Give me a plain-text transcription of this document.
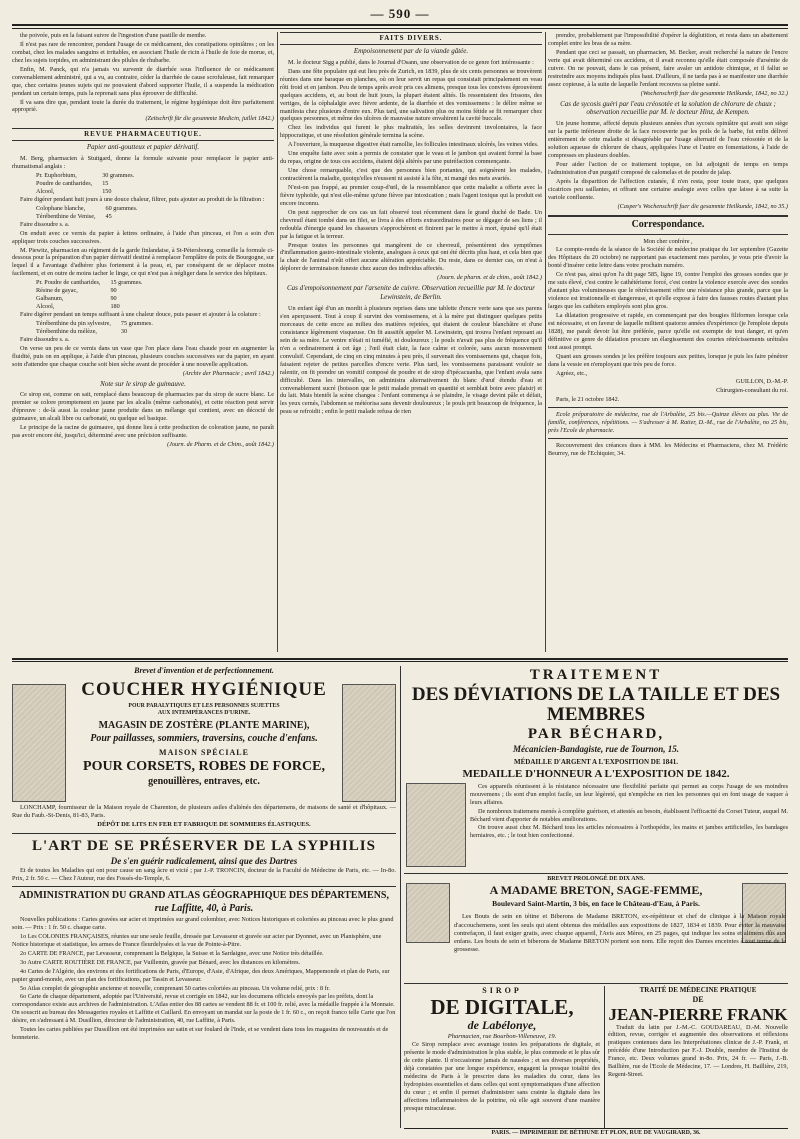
— 590 —

the poivrée, puis en la faisant suivre de l'ingestion d'une pastille de menthe.

Il n'est pas rare de rencontrer, pendant l'usage de ce médicament, des constipations opiniâtres ; on les combat, chez les malades sanguins et irritables, en associant l'huile de ricin à l'huile de foie de morue, et, chez les sujets torpides, en administrant des pilules de rhubarbe.

Enfin, M. Panck, qui n'a jamais vu survenir de diarrhée sous l'influence de ce médicament convenablement administré, qui a vu, au contraire, céder la diarrhée de cause scrofuleuse, fait remarquer que, chez certains jeunes sujets qui ne pouvaient d'abord supporter l'huile, il a suspendu la médication pendant un certain temps, puis la reprenait sans plus éprouver de difficulté.

Il va sans dire que, pendant toute la durée du traitement, le régime hygiénique doit être parfaitement approprié.

(Zeitschrift für die gesammte Medicin, juillet 1842.)

REVUE PHARMACEUTIQUE.
Papier anti-goutteux et papier dérivatif.

M. Berg, pharmacien à Stuttgard, donne la formule suivante pour remplacer le papier anti-rhumatismal anglais :

Pr. Euphorbium,	30 grammes.
Poudre de cantharides,	15
Alcool,	150

Faire digérer pendant huit jours à une douce chaleur, filtrer, puis ajouter au produit de la filtration :

Colophane blanche,	60 grammes.
Térébenthine de Venise,	45

Faire dissoudre s. a.

On enduit avec ce vernis du papier à lettres ordinaire, à l'aide d'un pinceau, et l'on a soin d'en appliquer trois couches successives.

M. Piewitz, pharmacien au régiment de la garde finlandaise, à St-Pétersbourg, conseille la formule ci-dessous pour la préparation d'un papier dérivatif destiné à remplacer l'emplâtre de poix de Bourgogne, sur lequel il a l'avantage d'adhérer plus fortement à la peau, et, par conséquent de se déplacer moins facilement, et en outre de moins tacher le linge, ce qui n'est pas à négliger dans le service des hôpitaux.

Pr. Poudre de cantharides,	15 grammes.
Résine de gayac,	90
Galbanum,	90
Alcool,	180

Faire digérer pendant un temps suffisant à une chaleur douce, puis passer et ajouter à la colature :

Térébenthine du pin sylvestre,	75 grammes.
Térébenthine du mélèze,	30

Faire dissoudre s. a.

On verse un peu de ce vernis dans un vase que l'on place dans l'eau chaude pour en augmenter la fluidité, puis on en applique, à l'aide d'un pinceau, plusieurs couches successives sur du papier, en ayant soin d'attendre que chaque couche soit bien sèche avant de procéder à une nouvelle application.

(Archiv der Pharmacie ; avril 1842.)

Note sur le sirop de guimauve.

Ce sirop est, comme on sait, remplacé dans beaucoup de pharmacies par du sirop de sucre blanc. Le premier se colore promptement en jaune par les alcalis (même carbonatés), et cette réaction peut servir d'épreuve : de-là aussi la couleur jaune produite dans un mélange qui contient, avec un décocté de guimauve, un alcali libre ou carbonaté, ou quelque sel basique.

Le principe de la racine de guimauve, qui donne lieu à cette production de coloration jaune, ne paraît pas avoir encore été, jusqu'ici, déterminé avec une précision suffisante.

(Journ. de Pharm. et de Chim., août 1842.)

FAITS DIVERS.
Empoisonnement par de la viande gâtée.

M. le docteur Sigg a publié, dans le Journal d'Osann, une observation de ce genre fort intéressante :

Dans une fête populaire qui eut lieu près de Zurich, en 1839, plus de six cents personnes se trouvèrent réunies dans une baraque en planches, où on leur servit un repas qui consistait principalement en veau rôti froid et en jambon. Peu de temps après avoir pris ces alimens, presque tous les convives éprouvèrent quelques accidens, et, au bout de huit jours, la plupart étaient alités. Ils ressentaient des frissons, des vertiges, de la céphalalgie avec fièvre ardente, de la diarrhée et des vomissemens : le délire même se manifesta chez plusieurs d'entre eux. Plus tard, une salivation plus ou moins fétide se fit remarquer chez quelques personnes, et même des ulcères de mauvaise nature envahirent la cavité buccale.

Chez les individus qui furent le plus maltraités, les selles devinrent involontaires, la face hippocratique, et une résolution générale termina la scène.

A l'ouverture, la muqueuse digestive était ramollie, les follicules intestinaux ulcérés, les veines vides.

Une enquête faite avec soin a permis de constater que le veau et le jambon qui avaient formé la base du repas, origine de tous ces accidens, étaient déjà altérés par une putréfaction commençante.

Une chose remarquable, c'est que des personnes bien portantes, qui soignèrent les malades, contractèrent la maladie, quoiqu'elles n'eussent ni assisté à la fête, ni mangé des mets avariés.

N'est-on pas frappé, au premier coup-d'œil, de la ressemblance que cette maladie a offerte avec la fièvre typhoïde, qui n'est elle-même qu'une fièvre par intoxication ; mais l'agent toxique qui la produit est encore inconnu.

On peut rapprocher de ces cas un fait observé tout récemment dans le grand duché de Bade. Un chevreuil étant tombé dans un filet, se livra à des efforts extraordinaires pour se dégager de ses liens ; il redoubla d'énergie quand les chasseurs s'approchèrent et finirent par le mettre à mort, épuisé qu'il était par la fatigue et la terreur.

Presque toutes les personnes qui mangèrent de ce chevreuil, présentèrent des symptômes d'inflammation gastro-intestinale violente, analogues à ceux qui ont été décrits plus haut, et cela bien que la chair de l'animal n'eût offert aucune altération appréciable. Du reste, dans ce dernier cas, on n'eut à déplorer de terminaison funeste chez aucun des individus affectés.

(Journ. de pharm. et de chim., août 1842.)

Cas d'empoisonnement par l'arsenite de cuivre. Observation recueillie par M. le docteur Lewinstein, de Berlin.

Un enfant âgé d'un an mordit à plusieurs reprises dans une tablette d'encre verte sans que ses parens s'en aperçussent. Tout à coup il survint des vomissemens, et à la mère put distinguer quelques petits morceaux de cette encre au milieu des matières rejetées, qui étaient de couleur blanchâtre et d'une consistance légèrement visqueuse. On fit aussitôt appeler M. Lewinstein, qui trouva l'enfant reposant au sein de sa mère. Le ventre n'était ni tuméfié, ni douloureux ; le pouls n'avait pas plus de fréquence qu'il n'en a ordinairement à cet âge ; l'œil était clair, la face calme et colorée, sans aucun mouvement convulsif. Cependant, de cinq en cinq minutes à peu près, il survenait des vomissemens qui, chaque fois, faisaient rejeter de petites parcelles d'encre verte. Plus tard, les vomissemens paraissant vouloir se ralentir, on fit prendre un vomitif composé de poudre et de sirop d'ipécacuanha, que l'enfant avala sans difficulté. Dans les intervalles, on administra alternativement du blanc d'œuf étendu d'eau et convenablement sucré (boisson que le petit malade prenait en quantité et semblait boire avec plaisir) et du lait. Mais bientôt la scène changea : l'enfant commença à se plaindre, le visage devint pâle et défait, les yeux cernés, l'abdomen se météorisa sans devenir douloureux ; le pouls prit beaucoup de fréquence, la peau se refroidit ; enfin le petit malade refusa de rien

prendre, probablement par l'impossibilité d'opérer la déglutition, et resta dans un abattement complet entre les bras de sa mère.

Pendant que ceci se passait, un pharmacien, M. Becker, avait recherché la nature de l'encre verte qui avait déterminé ces accidens, et il avait reconnu qu'elle était composée d'arsénite de cuivre. On ne pouvait, dans le cas présent, faire avaler un antidote chimique, et il fallut se restreindre aux moyens indiqués plus haut. D'ailleurs, il ne tarda pas à se manifester une diarrhée assez copieuse, à la suite de laquelle l'enfant recouvra sa pleine santé.

(Wochenschrift fuer die gesammte Heilkunde, 1842, no 32.)

Cas de sycosis guéri par l'eau créosotée et la solution de chlorure de chaux ; observation recueillie par M. le docteur Hinz, de Kempen.

Un jeune homme, affecté depuis plusieurs années d'un sycosis opiniâtre qui avait son siège sur la partie inférieure droite de la face recouverte par les poils de la barbe, fut enfin délivré entièrement de cette maladie si désagréable par l'usage alternatif de l'eau créosotée et de la solution aqueuse de chlorure de chaux, appliquées l'une et l'autre en fomentations, à l'aide de compresses en plusieurs doubles.

Pour aider l'action de ce traitement topique, on lui adjoignit de temps en temps l'administration d'un purgatif composé de calomelas et de poudre de jalap.

Après la disparition de l'affection cutanée, il n'en resta, pour toute trace, que quelques cicatrices peu saillantes, et offrant une certaine analogie avec celles que laisse à sa suite la variole confluente.

(Casper's Wochenschrift fuer die gesammte Heilkunde, 1842, no 35.)

Correspondance.

Mon cher confrère ,

Le compte-rendu de la séance de la Société de médecine pratique du 1er septembre (Gazette des Hôpitaux du 20 octobre) ne rapportant pas exactement mes paroles, je vous prie d'avoir la bonté d'insérer cette lettre dans votre prochain numéro.

Ce n'est pas, ainsi qu'on l'a dit page 585, ligne 19, contre l'emploi des grosses sondes que je me suis élevé, c'est contre le cathétérisme forcé, c'est contre la violence exercée avec des sondes d'autant plus volumineuses que le rétrécissement offre une résistance plus grande, parce que la violence est irrationnelle et dangereuse, et qu'elle expose à faire des fausses routes d'autant plus larges que les cathéters employés sont plus gros.

La dilatation progressive et rapide, en commençant par des bougies filiformes lorsque cela est nécessaire, et en faveur de laquelle militent quatorze années d'expérience (je l'emploie depuis 1828), me paraît devoir lui être préférée, parce qu'elle est exempte de tout danger, et qu'en définitive ce genre de dilatation procure un élargissement des courtes rétrécissements urétrales tout aussi prompt.

Quant aux grosses sondes je les préfère toujours aux petites, lorsque je puis les faire pénétrer dans la vessie en n'employant que très peu de force.

Agréez, etc.,

GUILLON, D.-M.-P.

Chirurgien-consultant du roi.

Paris, le 21 octobre 1842.

Ecole préparatoire de médecine, rue de l'Arbalète, 25 bis.—Quinze élèves au plus. Vie de famille, conférences, répétitions. — S'adresser à M. Ratier, D.-M., rue de l'Arbalète, no 25 bis, près l'Ecole de pharmacie.

Recouvrement des créances dues à MM. les Médecins et Pharmaciens, chez M. Frédéric Beurrey, rue de l'Echiquier, 34.

Brevet d'invention et de perfectionnement.
COUCHER HYGIÉNIQUE
POUR PARALYTIQUES ET LES PERSONNES SUJETTES
AUX INTEMPÉRANCES D'URINE.
MAGASIN DE ZOSTÈRE (PLANTE MARINE),
Pour paillasses, sommiers, traversins, couche d'enfans.
MAISON SPÉCIALE
POUR CORSETS, ROBES DE FORCE,
genouillères, entraves, etc.

LONCHAMP, fournisseur de la Maison royale de Charenton, de plusieurs asiles d'aliénés des départemens, de maisons de santé et d'hôpitaux. — Rue du Faub.-St-Denis, 81-83, Paris.

DÉPÔT DE LITS EN FER ET FABRIQUE DE SOMMIERS ÉLASTIQUES.
L'ART DE SE PRÉSERVER DE LA SYPHILIS
De s'en guérir radicalement, ainsi que des Dartres

Et de toutes les Maladies qui ont pour cause un sang âcre et vicié ; par J.-P. TRONCIN, docteur de la Faculté de Médecine de Paris, etc. — In-8o. Prix, 2 fr. 50 c. — Chez l'Auteur, rue des Fossés-du-Temple, 6.

ADMINISTRATION DU GRAND ATLAS GÉOGRAPHIQUE DES DÉPARTEMENS,
rue Laffitte, 40, à Paris.

Nouvelles publications : Cartes gravées sur acier et imprimées sur grand colombier, avec Notices historiques et coloriées au pinceau avec le plus grand soin. — Prix : 1 fr. 50 c. chaque carte.

1o Les COLONIES FRANÇAISES, réunies sur une seule feuille, dressée par Levasseur et gravée sur acier par Dyonnet, avec un Planisphère, une Notice historique et statistique, les armes de France fleurdelysées et la vue de Pointe-à-Pitre.

2o CARTE DE FRANCE, par Levasseur, comprenant la Belgique, la Suisse et la Sardaigne, avec une Notice très détaillée.

3o Autre CARTE ROUTIÈRE DE FRANCE, par Vuillemin, gravée par Bénard, avec les distances en kilomètres.

4o Cartes de l'Algérie, des environs et des fortifications de Paris, d'Europe, d'Asie, d'Afrique, des deux Amériques, Mappemonde et plan de Paris, sur papier grand-monde, avec un plan des fortifications, par Tassin et Levasseur.

5o Atlas complet de géographie ancienne et nouvelle, comprenant 50 cartes coloriées au pinceau. Un volume relié, prix : 8 fr.

6o Carte de chaque département, adoptée par l'Université, revue et corrigée en 1842, sur les documens officiels envoyés par les préfets, dont la correspondance existe aux archives de l'administration. L'Atlas entier des 88 cartes se vendent 88 fr. et 100 fr. relié, avec la médaille frappée à la Monnaie. On souscrit au bureau des Messageries royales et Laffitte et Caillard. En envoyant un mandat sur la poste de 1 fr. 60 c., on reçoit franco telle Carte que l'on désire, en s'adressant à M. Dusillion, directeur de l'administration, 40, rue Laffitte, à Paris.

Toutes les cartes publiées par Dussillion ont été imprimées sur satin et sur foulard de l'Inde, et se vendent dans tous les magasins de nouveautés et de bonneterie.

TRAITEMENT
DES DÉVIATIONS DE LA TAILLE ET DES MEMBRES
PAR BÉCHARD,
Mécanicien-Bandagiste, rue de Tournon, 15.
MÉDAILLE D'ARGENT A L'EXPOSITION DE 1841.
MEDAILLE D'HONNEUR A L'EXPOSITION DE 1842.

Ces appareils réunissent à la résistance nécessaire une flexibilité parfaite qui permet au corps l'usage de ses moindres mouvemens ; ils sont d'un emploi facile, un leur légèreté, qui n'empêche en rien les personnes qui en font usage de vaquer à leurs affaires.

De nombreux traitemens menés à complète guérison, et attestés au besoin, établissent l'efficacité du Corset Tuteur, auquel M. Béchard vient d'apporter de notables améliorations.

On trouve aussi chez M. Béchard tous les articles nécessaires à l'orthopédie, les mains et jambes artificielles, les bandages herniaires, etc. ; le tout bien confectionné.

BREVET PROLONGÉ DE DIX ANS.
A MADAME BRETON, SAGE-FEMME,
Boulevard Saint-Martin, 3 bis, en face le Château-d'Eau, à Paris.

Les Bouts de sein en tétine et Biberons de Madame BRETON, ex-répétiteur et chef de clinique à la Maison royale d'accouchemens, sont les seuls qui aient obtenus des médailles aux expositions de 1827, 1834 et 1839. Pour éviter la mauvaise contrefaçon, il faut exiger gratis, avec chaque appareil, l'Avis aux Mères, en 25 pages, qui indique les soins et alimens dûs aux enfans. Les bouts de sein et biberons de Madame BRETON portent son nom. Elle reçoit des Dames enceintes à tout terme de la grossesse.

SIROP
DE DIGITALE,
de Labélonye,
Pharmacien, rue Bourbon-Villeneuve, 19.

Ce Sirop remplace avec avantage toutes les préparations de digitale, et présente le mode d'administration le plus stable, le plus commode et le plus sûr de cette plante. Il n'occasionne jamais de nausées ; et ses diverses propriétés, déjà constatées par une longue expérience, engagent la presque totalité des médecins de Paris à le prescrire dans les maladies du cœur, dans les hydropisies essentielles et dans celles qui sont symptomatiques d'une affection du cœur ; et enfin il permet d'administrer sans crainte la digitale dans les affections inflammatoires de la poitrine, où elle agit souvent d'une manière presque miraculeuse.

TRAITÉ DE MÉDECINE PRATIQUE
DE
JEAN-PIERRE FRANK

Traduit du latin par J.-M.-C. GOUDAREAU, D.-M. Nouvelle édition, revue, corrigée et augmentée des observations et réflexions pratiques contenues dans les Interprétationes clinicæ de J.-P. Frank, et précédée d'une Introduction par F.-J. Double, membre de l'Institut de France, etc. Deux volumes grand in-8o. Prix, 24 fr. — Paris, J.-B. Baillière, rue de l'Ecole de Médecine, 17. — Londres, H. Baillière, 219, Regent-Street.

PARIS. — IMPRIMERIE DE BÉTHUNE ET PLON, RUE DE VAUGIRARD, 36.
